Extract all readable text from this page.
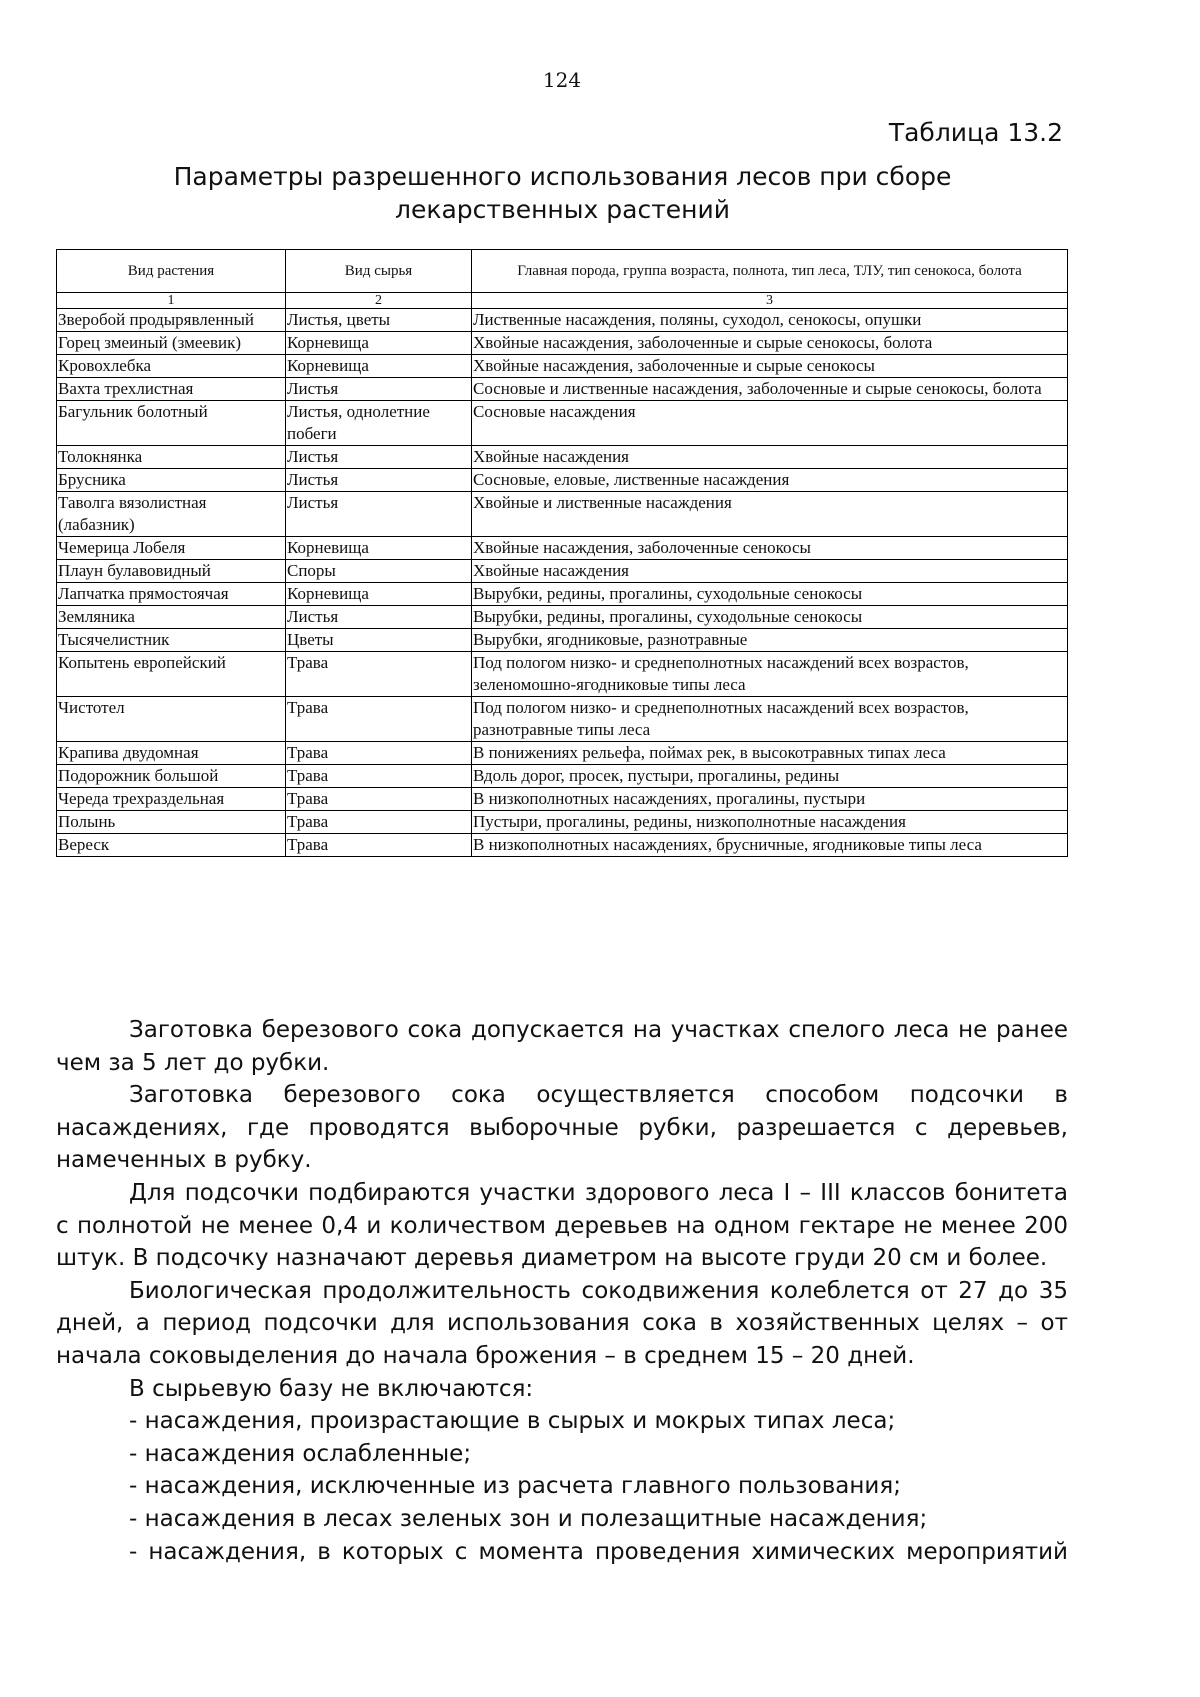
124
Таблица 13.2
Параметры разрешенного использования лесов при сборе лекарственных растений
Вид растения	Вид сырья	Главная порода, группа возраста, полнота, тип леса, ТЛУ, тип сенокоса, болота
1	2	3
Зверобой продырявленный	Листья, цветы	Лиственные насаждения, поляны, суходол, сенокосы, опушки
Горец змеиный (змеевик)	Корневища	Хвойные насаждения, заболоченные и сырые сенокосы, болота
Кровохлебка	Корневища	Хвойные насаждения, заболоченные и сырые сенокосы
Вахта трехлистная	Листья	Сосновые и лиственные насаждения, заболоченные и сырые сенокосы, болота
Багульник болотный	Листья, однолетние побеги	Сосновые насаждения
Толокнянка	Листья	Хвойные насаждения
Брусника	Листья	Сосновые, еловые, лиственные насаждения
Таволга вязолистная (лабазник)	Листья	Хвойные и лиственные насаждения
Чемерица Лобеля	Корневища	Хвойные насаждения, заболоченные сенокосы
Плаун булавовидный	Споры	Хвойные насаждения
Лапчатка прямостоячая	Корневища	Вырубки, редины, прогалины, суходольные сенокосы
Земляника	Листья	Вырубки, редины, прогалины, суходольные сенокосы
Тысячелистник	Цветы	Вырубки, ягодниковые, разнотравные
Копытень европейский	Трава	Под пологом низко- и среднеполнотных насаждений всех возрастов, зеленомошно-ягодниковые типы леса
Чистотел	Трава	Под пологом низко- и среднеполнотных насаждений всех возрастов, разнотравные типы леса
Крапива двудомная	Трава	В понижениях рельефа, поймах рек, в высокотравных типах леса
Подорожник большой	Трава	Вдоль дорог, просек, пустыри, прогалины, редины
Череда трехраздельная	Трава	В низкополнотных насаждениях, прогалины, пустыри
Полынь	Трава	Пустыри, прогалины, редины, низкополнотные насаждения
Вереск	Трава	В низкополнотных насаждениях, брусничные, ягодниковые типы леса

Заготовка березового сока допускается на участках спелого леса не ранее чем за 5 лет до рубки.

Заготовка березового сока осуществляется способом подсочки в насаждениях, где проводятся выборочные рубки, разрешается с деревьев, намеченных в рубку.

Для подсочки подбираются участки здорового леса I – III классов бонитета с полнотой не менее 0,4 и количеством деревьев на одном гектаре не менее 200 штук. В подсочку назначают деревья диаметром на высоте груди 20 см и более.

Биологическая продолжительность сокодвижения колеблется от 27 до 35 дней, а период подсочки для использования сока в хозяйственных целях – от начала соковыделения до начала брожения – в среднем 15 – 20 дней.

В сырьевую базу не включаются:

- насаждения, произрастающие в сырых и мокрых типах леса;
- насаждения ослабленные;
- насаждения, исключенные из расчета главного пользования;
- насаждения в лесах зеленых зон и полезащитные насаждения;
- насаждения, в которых с момента проведения химических мероприятий
